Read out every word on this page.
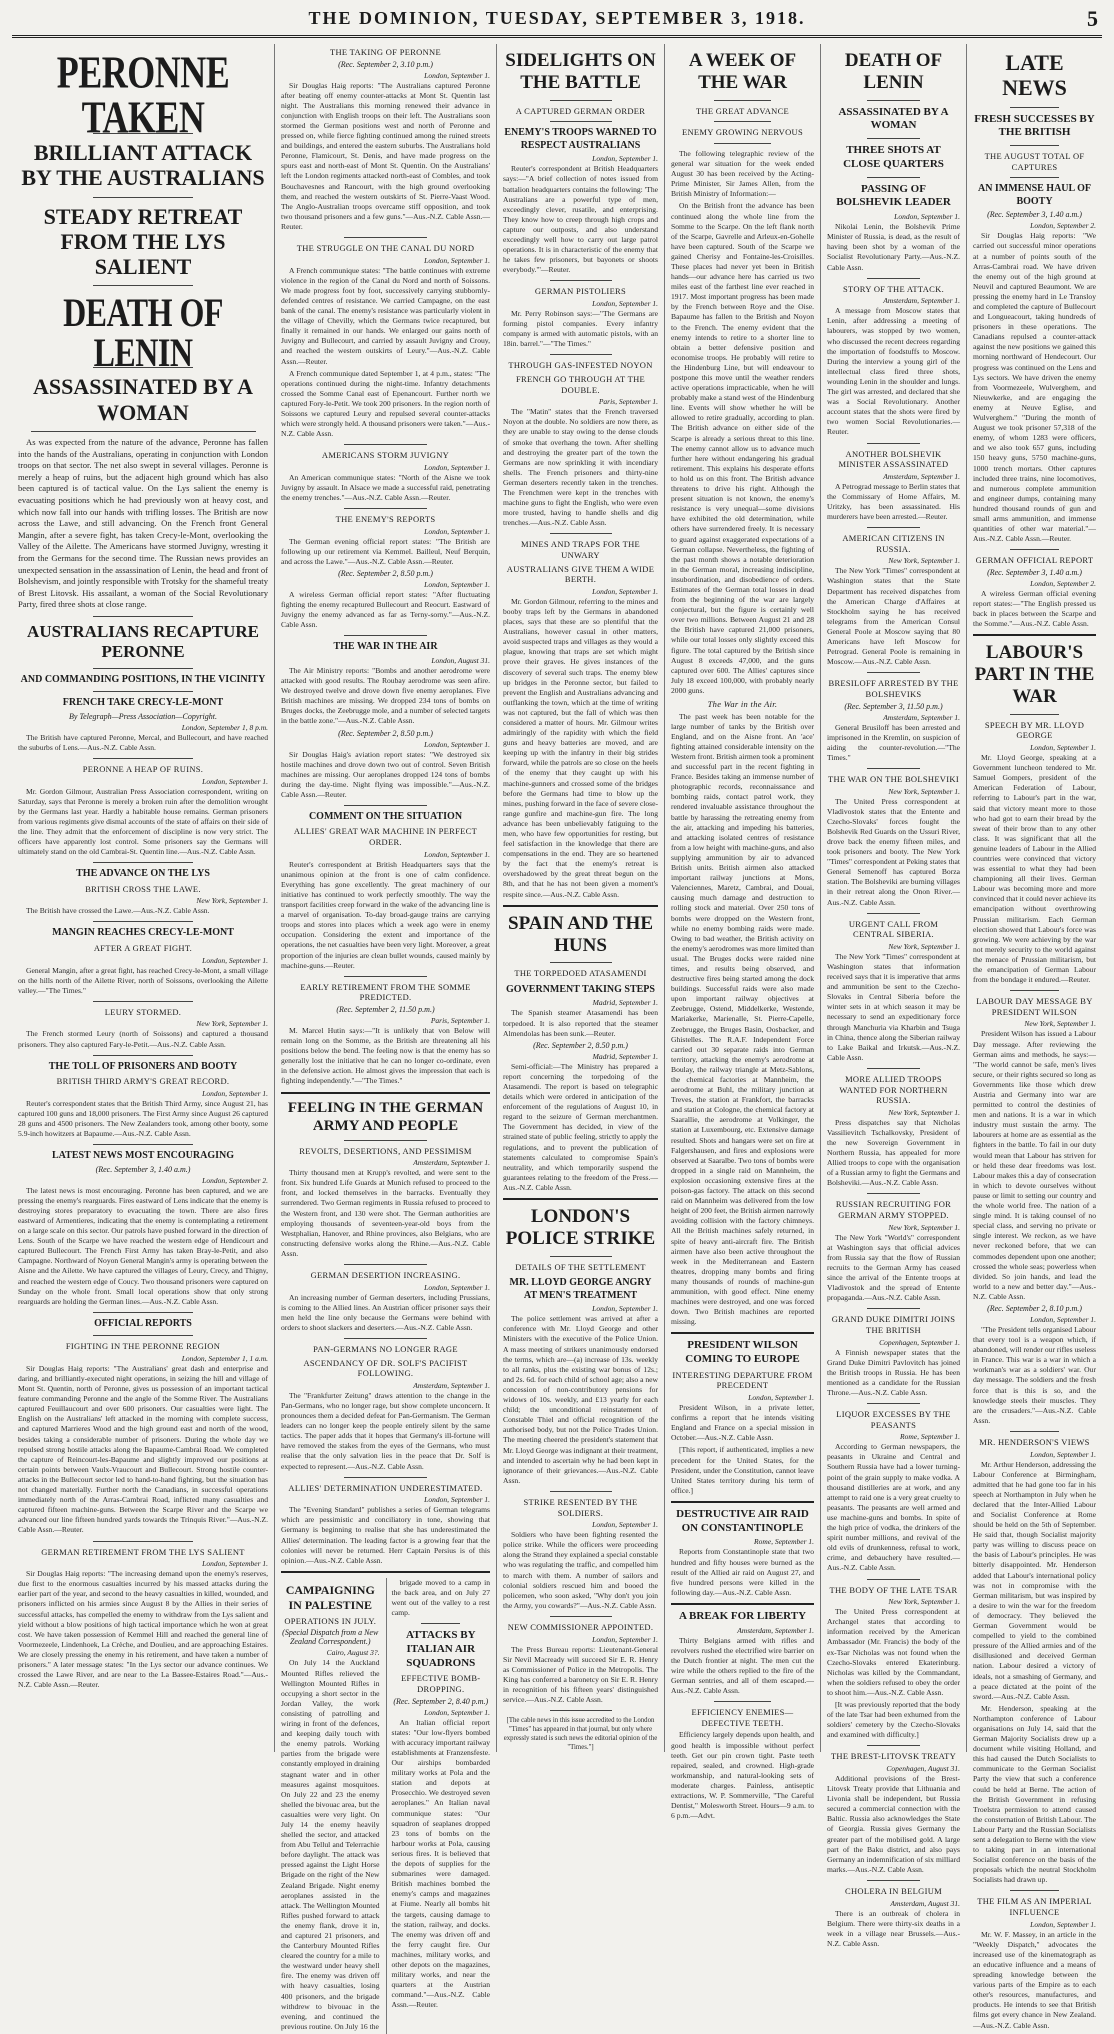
THE DOMINION, TUESDAY, SEPTEMBER 3, 1918.	5
PERONNE TAKEN
BRILLIANT ATTACK BY THE AUSTRALIANS
STEADY RETREAT FROM THE LYS SALIENT
DEATH OF LENIN
ASSASSINATED BY A WOMAN

As was expected from the nature of the advance, Peronne has fallen into the hands of the Australians, operating in conjunction with London troops on that sector. The net also swept in several villages. Peronne is merely a heap of ruins, but the adjacent high ground which has also been captured is of tactical value. On the Lys salient the enemy is evacuating positions which he had previously won at heavy cost, and which now fall into our hands with trifling losses. The British are now across the Lawe, and still advancing. On the French front General Mangin, after a severe fight, has taken Crecy-le-Mont, overlooking the Valley of the Ailette. The Americans have stormed Juvigny, wresting it from the Germans for the second time. The Russian news provides an unexpected sensation in the assassination of Lenin, the head and front of Bolshevism, and jointly responsible with Trotsky for the shameful treaty of Brest Litovsk. His assailant, a woman of the Social Revolutionary Party, fired three shots at close range.

AUSTRALIANS RECAPTURE PERONNE
AND COMMANDING POSITIONS, IN THE VICINITY
FRENCH TAKE CRECY-LE-MONT
By Telegraph—Press Association—Copyright.
London, September 1, 8 p.m.

The British have captured Peronne, Mercal, and Bullecourt, and have reached the suburbs of Lens.—Aus.-N.Z. Cable Assn.

PERONNE A HEAP OF RUINS.
London, September 1.

Mr. Gordon Gilmour, Australian Press Association correspondent, writing on Saturday, says that Peronne is merely a broken ruin after the demolition wrought by the Germans last year. Hardly a habitable house remains. German prisoners from various regiments give dismal accounts of the state of affairs on their side of the line. They admit that the enforcement of discipline is now very strict. The officers have apparently lost control. Some prisoners say the Germans will ultimately stand on the old Cambrai-St. Quentin line.—Aus.-N.Z. Cable Assn.

THE ADVANCE ON THE LYS
BRITISH CROSS THE LAWE.
New York, September 1.

The British have crossed the Lawe.—Aus.-N.Z. Cable Assn.

MANGIN REACHES CRECY-LE-MONT
AFTER A GREAT FIGHT.
London, September 1.

General Mangin, after a great fight, has reached Crecy-le-Mont, a small village on the hills north of the Ailette River, north of Soissons, overlooking the Ailette valley.—"The Times."

LEURY STORMED.
New York, September 1.

The French stormed Leury (north of Soissons) and captured a thousand prisoners. They also captured Fary-le-Petit.—Aus.-N.Z. Cable Assn.

THE TOLL OF PRISONERS AND BOOTY
BRITISH THIRD ARMY'S GREAT RECORD.
London, September 1.

Reuter's correspondent states that the British Third Army, since August 21, has captured 100 guns and 18,000 prisoners. The First Army since August 26 captured 28 guns and 4500 prisoners. The New Zealanders took, among other booty, some 5.9-inch howitzers at Bapaume.—Aus.-N.Z. Cable Assn.

LATEST NEWS MOST ENCOURAGING
(Rec. September 3, 1.40 a.m.)
London, September 2.

The latest news is most encouraging. Peronne has been captured, and we are pressing the enemy's rearguards. Fires eastward of Lens indicate that the enemy is destroying stores preparatory to evacuating the town. There are also fires eastward of Armentieres, indicating that the enemy is contemplating a retirement on a large scale on this sector. Our patrols have pushed forward in the direction of Lens. South of the Scarpe we have reached the western edge of Hendicourt and captured Bullecourt. The French First Army has taken Bray-le-Petit, and also Campagne. Northward of Noyon General Mangin's army is operating between the Aisne and the Ailette. We have captured the villages of Leury, Crecy, and Thigny, and reached the western edge of Coucy. Two thousand prisoners were captured on Sunday on the whole front. Small local operations show that only strong rearguards are holding the German lines.—Aus.-N.Z. Cable Assn.

OFFICIAL REPORTS
FIGHTING IN THE PERONNE REGION
London, September 1, 1 a.m.

Sir Douglas Haig reports: "The Australians' great dash and enterprise and daring, and brilliantly-executed night operations, in seizing the hill and village of Mont St. Quentin, north of Peronne, gives us possession of an important tactical feature commanding Peronne and the angle of the Somme River. The Australians captured Feuillaucourt and over 600 prisoners. Our casualties were light. The English on the Australians' left attacked in the morning with complete success, and captured Marrieres Wood and the high ground east and north of the wood, besides taking a considerable number of prisoners. During the whole day we repulsed strong hostile attacks along the Bapaume-Cambrai Road. We completed the capture of Reincourt-les-Bapaume and slightly improved our positions at certain points between Vaulx-Vraucourt and Bullecourt. Strong hostile counter-attacks in the Bullecourt sector led to hand-to-hand fighting, but the situation has not changed materially. Further north the Canadians, in successful operations immediately north of the Arras-Cambrai Road, inflicted many casualties and captured fifteen machine-guns. Between the Scarpe River and the Scarpe we advanced our line fifteen hundred yards towards the Trinquis River."—Aus.-N.Z. Cable Assn.—Reuter.

GERMAN RETIREMENT FROM THE LYS SALIENT
London, September 1.

Sir Douglas Haig reports: "The increasing demand upon the enemy's reserves, due first to the enormous casualties incurred by his massed attacks during the earlier part of the year, and second to the heavy casualties in killed, wounded, and prisoners inflicted on his armies since August 8 by the Allies in their series of successful attacks, has compelled the enemy to withdraw from the Lys salient and yield without a blow positions of high tactical importance which he won at great cost. We have taken possession of Kemmel Hill and reached the general line of Voormezeele, Lindenhoek, La Crèche, and Doulieu, and are approaching Estaires. We are closely pressing the enemy in his retirement, and have taken a number of prisoners." A later message states: "In the Lys sector our advance continues. We crossed the Lawe River, and are near to the La Bassee-Estaires Road."—Aus.-N.Z. Cable Assn.—Reuter.

THE TAKING OF PERONNE
(Rec. September 2, 3.10 p.m.)
London, September 1.

Sir Douglas Haig reports: "The Australians captured Peronne after beating off enemy counter-attacks at Mont St. Quentin last night. The Australians this morning renewed their advance in conjunction with English troops on their left. The Australians soon stormed the German positions west and north of Peronne and pressed on, while fierce fighting continued among the ruined streets and buildings, and entered the eastern suburbs. The Australians hold Peronne, Flamicourt, St. Denis, and have made progress on the spurs east and north-east of Mont St. Quentin. On the Australians' left the London regiments attacked north-east of Combles, and took Bouchavesnes and Rancourt, with the high ground overlooking them, and reached the western outskirts of St. Pierre-Vaast Wood. The Anglo-Australian troops overcame stiff opposition, and took two thousand prisoners and a few guns."—Aus.-N.Z. Cable Assn.—Reuter.

THE STRUGGLE ON THE CANAL DU NORD
London, September 1.

A French communique states: "The battle continues with extreme violence in the region of the Canal du Nord and north of Soissons. We made progress foot by foot, successively carrying stubbornly-defended centres of resistance. We carried Campagne, on the east bank of the canal. The enemy's resistance was particularly violent in the village of Chevilly, which the Germans twice recaptured, but finally it remained in our hands. We enlarged our gains north of Juvigny and Bullecourt, and carried by assault Juvigny and Crouy, and reached the western outskirts of Leury."—Aus.-N.Z. Cable Assn.—Reuter.

A French communique dated September 1, at 4 p.m., states: "The operations continued during the night-time. Infantry detachments crossed the Somme Canal east of Epenancourt. Further north we captured Fory-le-Petit. We took 200 prisoners. In the region north of Soissons we captured Leury and repulsed several counter-attacks which were strongly held. A thousand prisoners were taken."—Aus.-N.Z. Cable Assn.

AMERICANS STORM JUVIGNY
London, September 1.

An American communique states: "North of the Aisne we took Juvigny by assault. In Alsace we made a successful raid, penetrating the enemy trenches."—Aus.-N.Z. Cable Assn.—Reuter.

THE ENEMY'S REPORTS
London, September 1.

The German evening official report states: "The British are following up our retirement via Kemmel. Bailleul, Neuf Berquin, and across the Lawe."—Aus.-N.Z. Cable Assn.—Reuter.

(Rec. September 2, 8.50 p.m.)
London, September 1.

A wireless German official report states: "After fluctuating fighting the enemy recaptured Bullecourt and Reocurt. Eastward of Juvigny the enemy advanced as far as Terny-sorny."—Aus.-N.Z. Cable Assn.

THE WAR IN THE AIR
London, August 31.

The Air Ministry reports: "Bombs and another aerodrome were attacked with good results. The Roubay aerodrome was seen afire. We destroyed twelve and drove down five enemy aeroplanes. Five British machines are missing. We dropped 234 tons of bombs on Bruges docks, the Zeebrugge mole, and a number of selected targets in the battle zone."—Aus.-N.Z. Cable Assn.

(Rec. September 2, 8.50 p.m.)
London, September 1.

Sir Douglas Haig's aviation report states: "We destroyed six hostile machines and drove down two out of control. Seven British machines are missing. Our aeroplanes dropped 124 tons of bombs during the day-time. Night flying was impossible."—Aus.-N.Z. Cable Assn.—Reuter.

COMMENT ON THE SITUATION
ALLIES' GREAT WAR MACHINE IN PERFECT ORDER.
London, September 1.

Reuter's correspondent at British Headquarters says that the unanimous opinion at the front is one of calm confidence. Everything has gone excellently. The great machinery of our initiative has continued to work perfectly smoothly. The way the transport facilities creep forward in the wake of the advancing line is a marvel of organisation. To-day broad-gauge trains are carrying troops and stores into places which a week ago were in enemy occupation. Considering the extent and importance of the operations, the net casualties have been very light. Moreover, a great proportion of the injuries are clean bullet wounds, caused mainly by machine-guns.—Reuter.

EARLY RETIREMENT FROM THE SOMME PREDICTED.
(Rec. September 2, 11.50 p.m.)
Paris, September 1.

M. Marcel Hutin says:—"It is unlikely that von Below will remain long on the Somme, as the British are threatening all his positions below the bend. The feeling now is that the enemy has so generally lost the initiative that he can no longer co-ordinate, even in the defensive action. He almost gives the impression that each is fighting independently."—"The Times."

FEELING IN THE GERMAN ARMY AND PEOPLE
REVOLTS, DESERTIONS, AND PESSIMISM
Amsterdam, September 1.

Thirty thousand men at Krupp's revolted, and were sent to the front. Six hundred Life Guards at Munich refused to proceed to the front, and locked themselves in the barracks. Eventually they surrendered. Two German regiments in Russia refused to proceed to the Western front, and 130 were shot. The German authorities are employing thousands of seventeen-year-old boys from the Westphalian, Hanover, and Rhine provinces, also Belgians, who are constructing defensive works along the Rhine.—Aus.-N.Z. Cable Assn.

GERMAN DESERTION INCREASING.
London, September 1.

An increasing number of German deserters, including Prussians, is coming to the Allied lines. An Austrian officer prisoner says their men held the line only because the Germans were behind with orders to shoot slackers and deserters.—Aus.-N.Z. Cable Assn.

PAN-GERMANS NO LONGER RAGE
ASCENDANCY OF DR. SOLF'S PACIFIST FOLLOWING.
Amsterdam, September 1.

The "Frankfurter Zeitung" draws attention to the change in the Pan-Germans, who no longer rage, but show complete unconcern. It pronounces them a decided defeat for Pan-Germanism. The German leaders can no longer keep the people entirely silent by the same tactics. The paper adds that it hopes that Germany's ill-fortune will have removed the stakes from the eyes of the Germans, who must realise that the only salvation lies in the peace that Dr. Solf is expected to represent.—Aus.-N.Z. Cable Assn.

ALLIES' DETERMINATION UNDERESTIMATED.
London, September 1.

The "Evening Standard" publishes a series of German telegrams which are pessimistic and conciliatory in tone, showing that Germany is beginning to realise that she has underestimated the Allies' determination. The leading factor is a growing fear that the colonies will never be returned. Herr Captain Persius is of this opinion.—Aus.-N.Z. Cable Assn.

CAMPAIGNING IN PALESTINE
OPERATIONS IN JULY.
(Special Dispatch from a New Zealand Correspondent.)
Cairo, August 3?.

On July 14 the Auckland Mounted Rifles relieved the Wellington Mounted Rifles in occupying a short sector in the Jordan Valley, the work consisting of patrolling and wiring in front of the defences, and keeping daily touch with the enemy patrols. Working parties from the brigade were constantly employed in draining stagnant water and in other measures against mosquitoes. On July 22 and 23 the enemy shelled the bivouac area, but the casualties were very light. On July 14 the enemy heavily shelled the sector, and attacked from Abu Tellul and Telerrachie before daylight. The attack was pressed against the Light Horse Brigade on the right of the New Zealand Brigade. Night enemy aeroplanes assisted in the attack. The Wellington Mounted Rifles pushed forward to attack the enemy flank, drove it in, and captured 21 prisoners, and the Canterbury Mounted Rifles cleared the country for a mile to the westward under heavy shell fire. The enemy was driven off with heavy casualties, losing 400 prisoners, and the brigade withdrew to bivouac in the evening, and continued the previous routine. On July 16 the

brigade moved to a camp in the back area, and on July 27 went out of the valley to a rest camp.

ATTACKS BY ITALIAN AIR SQUADRONS
EFFECTIVE BOMB-DROPPING.
(Rec. September 2, 8.40 p.m.)
London, September 1.

An Italian official report states: "Our low-flyers bombed with accuracy important railway establishments at Franzensfeste. Our airships bombarded military works at Pola and the station and depots at Prosecchio. We destroyed seven aeroplanes." An Italian naval communique states: "Our squadron of seaplanes dropped 23 tons of bombs on the harbour works at Pola, causing serious fires. It is believed that the depots of supplies for the submarines were damaged. British machines bombed the enemy's camps and magazines at Fiume. Nearly all bombs hit the targets, causing damage to the station, railway, and docks. The enemy was driven off and the ferry caught fire. Our machines, military works, and other depots on the magazines, military works, and near the quarters at the Austrian command."—Aus.-N.Z. Cable Assn.—Reuter.

SIDELIGHTS ON THE BATTLE
A CAPTURED GERMAN ORDER
ENEMY'S TROOPS WARNED TO RESPECT AUSTRALIANS
London, September 1.

Reuter's correspondent at British Headquarters says:—"A brief collection of notes issued from battalion headquarters contains the following: 'The Australians are a powerful type of men, exceedingly clever, rusatile, and enterprising. They know how to creep through high crops and capture our outposts, and also understand exceedingly well how to carry out large patrol operations. It is in characteristic of the enemy that he takes few prisoners, but bayonets or shoots everybody.'"—Reuter.

GERMAN PISTOLIERS
London, September 1.

Mr. Perry Robinson says:—"The Germans are forming pistol companies. Every infantry company is armed with automatic pistols, with an 18in. barrel."—"The Times."

THROUGH GAS-INFESTED NOYON
FRENCH GO THROUGH AT THE DOUBLE.
Paris, September 1.

The "Matin" states that the French traversed Noyon at the double. No soldiers are now there, as they are unable to stay owing to the dense clouds of smoke that overhang the town. After shelling and destroying the greater part of the town the Germans are now sprinkling it with incendiary shells. The French prisoners and thirty-nine German deserters recently taken in the trenches. The Frenchmen were kept in the trenches with machine guns to fight the English, who were even more trusted, having to handle shells and dig trenches.—Aus.-N.Z. Cable Assn.

MINES AND TRAPS FOR THE UNWARY
AUSTRALIANS GIVE THEM A WIDE BERTH.
London, September 1.

Mr. Gordon Gilmour, referring to the mines and booby traps left by the Germans in abandoned places, says that these are so plentiful that the Australians, however casual in other matters, avoid suspected traps and villages as they would a plague, knowing that traps are set which might prove their graves. He gives instances of the discovery of several such traps. The enemy blew up bridges in the Peronne sector, but failed to prevent the English and Australians advancing and outflanking the town, which at the time of writing was not captured, but the fall of which was then considered a matter of hours. Mr. Gilmour writes admiringly of the rapidity with which the field guns and heavy batteries are moved, and are keeping up with the infantry in their big strides forward, while the patrols are so close on the heels of the enemy that they caught up with his machine-gunners and crossed some of the bridges before the Germans had time to blow up the mines, pushing forward in the face of severe close-range gunfire and machine-gun fire. The long advance has been unbelievably fatiguing to the men, who have few opportunities for resting, but feel satisfaction in the knowledge that there are compensations in the end. They are so heartened by the fact that the enemy's retreat is overshadowed by the great threat begun on the 8th, and that he has not been given a moment's respite since.—Aus.-N.Z. Cable Assn.

SPAIN AND THE HUNS
THE TORPEDOED ATASAMENDI
GOVERNMENT TAKING STEPS
Madrid, September 1.

The Spanish steamer Atasamendi has been torpedoed. It is also reported that the steamer Almendolas has been sunk.—Reuter.

(Rec. September 2, 8.50 p.m.)
Madrid, September 1.

Semi-official:—The Ministry has prepared a report concerning the torpedoing of the Atasamendi. The report is based on telegraphic details which were ordered in anticipation of the enforcement of the regulations of August 10, in regard to the seizure of German merchantmen. The Government has decided, in view of the strained state of public feeling, strictly to apply the regulations, and to prevent the publication of statements calculated to compromise Spain's neutrality, and which temporarily suspend the guarantees relating to the freedom of the Press.—Aus.-N.Z. Cable Assn.

LONDON'S POLICE STRIKE
DETAILS OF THE SETTLEMENT
MR. LLOYD GEORGE ANGRY AT MEN'S TREATMENT
London, September 1.

The police settlement was arrived at after a conference with Mr. Lloyd George and other Ministers with the executive of the Police Union. A mass meeting of strikers unanimously endorsed the terms, which are—(a) increase of 13s. weekly to all ranks, plus the existing war bonus of 12s.; and 2s. 6d. for each child of school age; also a new concession of non-contributory pensions for widows of 10s. weekly, and £13 yearly for each child; the unconditional reinstatement of Constable Thiel and official recognition of the authorised body, but not the Police Trades Union. The meeting cheered the president's statement that Mr. Lloyd George was indignant at their treatment, and intended to ascertain why he had been kept in ignorance of their grievances.—Aus.-N.Z. Cable Assn.

STRIKE RESENTED BY THE SOLDIERS.
London, September 1.

Soldiers who have been fighting resented the police strike. While the officers were proceeding along the Strand they explained a special constable who was regulating the traffic, and compelled him to march with them. A number of sailors and colonial soldiers rescued him and booed the policemen, who soon asked, "Why don't you join the Army, you cowards?"—Aus.-N.Z. Cable Assn.

NEW COMMISSIONER APPOINTED.
London, September 1.

The Press Bureau reports: Lieutenant-General Sir Nevil Macready will succeed Sir E. R. Henry as Commissioner of Police in the Metropolis. The King has conferred a baronetcy on Sir E. R. Henry in recognition of his fifteen years' distinguished service.—Aus.-N.Z. Cable Assn.

[The cable news in this issue accredited to the London "Times" has appeared in that journal, but only where expressly stated is such news the editorial opinion of the "Times."]

A WEEK OF THE WAR
THE GREAT ADVANCE
ENEMY GROWING NERVOUS

The following telegraphic review of the general war situation for the week ended August 30 has been received by the Acting-Prime Minister, Sir James Allen, from the British Ministry of Information:—

On the British front the advance has been continued along the whole line from the Somme to the Scarpe. On the left flank north of the Scarpe, Gavrelle and Arleux-en-Gohelle have been captured. South of the Scarpe we gained Cherisy and Fontaine-les-Croisilles. These places had never yet been in British hands—our advance here has carried us two miles east of the farthest line ever reached in 1917. Most important progress has been made by the French between Roye and the Oise. Bapaume has fallen to the British and Noyon to the French. The enemy evident that the enemy intends to retire to a shorter line to obtain a better defensive position and economise troops. He probably will retire to the Hindenburg Line, but will endeavour to postpone this move until the weather renders active operations impracticable, when he will probably make a stand west of the Hindenburg line. Events will show whether he will be allowed to retire gradually, according to plan. The British advance on either side of the Scarpe is already a serious threat to this line. The enemy cannot allow us to advance much further here without endangering his gradual retirement. This explains his desperate efforts to hold us on this front. The British advance threatens to drive his right. Although the present situation is not known, the enemy's resistance is very unequal—some divisions have exhibited the old determination, while others have surrendered freely. It is necessary to guard against exaggerated expectations of a German collapse. Nevertheless, the fighting of the past month shows a notable deterioration in the German moral, increasing indiscipline, insubordination, and disobedience of orders. Estimates of the German total losses in dead from the beginning of the war are largely conjectural, but the figure is certainly well over two millions. Between August 21 and 28 the British have captured 21,000 prisoners, while our total losses only slightly exceed this figure. The total captured by the British since August 8 exceeds 47,000, and the guns captured over 600. The Allies' captures since July 18 exceed 100,000, with probably nearly 2000 guns.

The War in the Air.

The past week has been notable for the large number of tanks by the British over England, and on the Aisne front. An 'ace' fighting attained considerable intensity on the Western front. British airmen took a prominent and successful part in the recent fighting in France. Besides taking an immense number of photographic records, reconnaissance and bombing raids, contact patrol work, they rendered invaluable assistance throughout the battle by harassing the retreating enemy from the air, attacking and impeding his batteries, and attacking isolated centres of resistance from a low height with machine-guns, and also supplying ammunition by air to advanced British units. British airmen also attacked important railway junctions at Mons, Valenciennes, Maretz, Cambrai, and Douai, causing much damage and destruction to rolling stock and material. Over 250 tons of bombs were dropped on the Western front, while no enemy bombing raids were made. Owing to bad weather, the British activity on the enemy's aerodromes was more limited than usual. The Bruges docks were raided nine times, and results being observed, and destructive fires being started among the dock buildings. Successful raids were also made upon important railway objectives at Zeebrugge, Ostend, Middelkerke, Westende, Mariakerke, Marienalle, St. Pierre-Capelle, Zeebrugge, the Bruges Basin, Oosbacker, and Ghistelles. The R.A.F. Independent Force carried out 30 separate raids into German territory, attacking the enemy's aerodrome at Boulay, the railway triangle at Metz-Sablons, the chemical factories at Mannheim, the aerodrome at Buhl, the military junction at Treves, the station at Frankfort, the barracks and station at Cologne, the chemical factory at Saarallie, the aerodrome at Volkinger, the station at Luxembourg, etc. Extensive damage resulted. Shots and hangars were set on fire at Falgershausen, and fires and explosions were observed at Saaralbe. Two tons of bombs were dropped in a single raid on Mannheim, the explosion occasioning extensive fires at the poison-gas factory. The attack on this second raid on Mannheim was delivered from the low height of 200 feet, the British airmen narrowly avoiding collision with the factory chimneys. All the British machines safely returned, in spite of heavy anti-aircraft fire. The British airmen have also been active throughout the week in the Mediterranean and Eastern theatres, dropping many bombs and firing many thousands of rounds of machine-gun ammunition, with good effect. Nine enemy machines were destroyed, and one was forced down. Two British machines are reported missing.

PRESIDENT WILSON COMING TO EUROPE
INTERESTING DEPARTURE FROM PRECEDENT
London, September 1.

President Wilson, in a private letter, confirms a report that he intends visiting England and France on a special mission in October.—Aus.-N.Z. Cable Assn.

[This report, if authenticated, implies a new precedent for the United States, for the President, under the Constitution, cannot leave United States territory during his term of office.]

DESTRUCTIVE AIR RAID ON CONSTANTINOPLE
Rome, September 1.

Reports from Constantinople state that two hundred and fifty houses were burned as the result of the Allied air raid on August 27, and five hundred persons were killed in the following day.—Aus.-N.Z. Cable Assn.

A BREAK FOR LIBERTY
Amsterdam, September 1.

Thirty Belgians armed with rifles and revolvers rushed the electrified wire barrier on the Dutch frontier at night. The men cut the wire while the others replied to the fire of the German sentries, and all of them escaped.—Aus.-N.Z. Cable Assn.

EFFICIENCY ENEMIES—DEFECTIVE TEETH.

Efficiency largely depends upon health, and good health is impossible without perfect teeth. Get our pin crown tight. Paste teeth repaired, sealed, and crowned. High-grade workmanship, and natural-looking sets of moderate charges. Painless, antiseptic extractions, W. P. Sommerville, "The Careful Dentist," Molesworth Street. Hours—9 a.m. to 6 p.m.—Advt.

DEATH OF LENIN
ASSASSINATED BY A WOMAN
THREE SHOTS AT CLOSE QUARTERS
PASSING OF BOLSHEVIK LEADER
London, September 1.

Nikolai Lenin, the Bolshevik Prime Minister of Russia, is dead, as the result of having been shot by a woman of the Socialist Revolutionary Party.—Aus.-N.Z. Cable Assn.

STORY OF THE ATTACK.
Amsterdam, September 1.

A message from Moscow states that Lenin, after addressing a meeting of labourers, was stopped by two women, who discussed the recent decrees regarding the importation of foodstuffs to Moscow. During the interview a young girl of the intellectual class fired three shots, wounding Lenin in the shoulder and lungs. The girl was arrested, and declared that she was a Social Revolutionary. Another account states that the shots were fired by two women Social Revolutionaries.—Reuter.

ANOTHER BOLSHEVIK MINISTER ASSASSINATED
Amsterdam, September 1.

A Petrograd message to Berlin states that the Commissary of Home Affairs, M. Uritzky, has been assassinated. His murderers have been arrested.—Reuter.

AMERICAN CITIZENS IN RUSSIA.
New York, September 1.

The New York "Times" correspondent at Washington states that the State Department has received dispatches from the American Charge d'Affaires at Stockholm saying he has received telegrams from the American Consul General Poole at Moscow saying that 80 Americans have left Moscow for Petrograd. General Poole is remaining in Moscow.—Aus.-N.Z. Cable Assn.

BRESILOFF ARRESTED BY THE BOLSHEVIKS
(Rec. September 3, 11.50 p.m.)
Amsterdam, September 1.

General Brusiloff has been arrested and imprisoned in the Kremlin, on suspicion of aiding the counter-revolution.—"The Times."

THE WAR ON THE BOLSHEVIKI
New York, September 1.

The United Press correspondent at Vladivostok states that the Entente and Czecho-Slovaks' forces fought the Bolshevik Red Guards on the Ussuri River, drove back the enemy fifteen miles, and took prisoners and booty. The New York "Times" correspondent at Peking states that General Semenoff has captured Borza station. The Bolsheviki are burning villages in their retreat along the Onon River.—Aus.-N.Z. Cable Assn.

URGENT CALL FROM CENTRAL SIBERIA.
New York, September 1.

The New York "Times" correspondent at Washington states that information received says that it is imperative that arms and ammunition be sent to the Czecho-Slovaks in Central Siberia before the winter sets in at which season it may be necessary to send an expeditionary force through Manchuria via Kharbin and Tsuga in China, thence along the Siberian railway to Lake Baikal and Irkutsk.—Aus.-N.Z. Cable Assn.

MORE ALLIED TROOPS WANTED FOR NORTHERN RUSSIA.
New York, September 1.

Press dispatches say that Nicholas Vassilievitch Tschalkovsky, President of the new Sovereign Government in Northern Russia, has appealed for more Allied troops to cope with the organisation of a Russian army to fight the Germans and Bolsheviki.—Aus.-N.Z. Cable Assn.

RUSSIAN RECRUITING FOR GERMAN ARMY STOPPED.
New York, September 1.

The New York "World's" correspondent at Washington says that official advices from Russia say that the flow of Russian recruits to the German Army has ceased since the arrival of the Entente troops at Vladivostok and the spread of Entente propaganda.—Aus.-N.Z. Cable Assn.

GRAND DUKE DIMITRI JOINS THE BRITISH
Copenhagen, September 1.

A Finnish newspaper states that the Grand Duke Dimitri Pavlovitch has joined the British troops in Russia. He has been mentioned as a candidate for the Russian Throne.—Aus.-N.Z. Cable Assn.

LIQUOR EXCESSES BY THE PEASANTS
Rome, September 1.

According to German newspapers, the peasants in Ukraine and Central and Southern Russia have had a lower turning-point of the grain supply to make vodka. A thousand distilleries are at work, and any attempt to raid one is a very great cruelty to peasants. The peasants are well armed and use machine-guns and bombs. In spite of the high price of vodka, the drinkers of the spirit number millions, and revival of the old evils of drunkenness, refusal to work, crime, and debauchery have resulted.—Aus.-N.Z. Cable Assn.

THE BODY OF THE LATE TSAR
New York, September 1.

The United Press correspondent at Archangel states that according to information received by the American Ambassador (Mr. Francis) the body of the ex-Tsar Nicholas was not found when the Czecho-Slovaks entered Ekaterinburg. Nicholas was killed by the Commandant, when the soldiers refused to obey the order to shoot him.—Aus.-N.Z. Cable Assn.

[It was previously reported that the body of the late Tsar had been exhumed from the soldiers' cemetery by the Czecho-Slovaks and examined with difficulty.]

THE BREST-LITOVSK TREATY
Copenhagen, August 31.

Additional provisions of the Brest-Litovsk Treaty provide that Lithuania and Livonia shall be independent, but Russia secured a commercial connection with the Baltic. Russia also acknowledges the State of Georgia. Russia gives Germany the greater part of the mobilised gold. A large part of the Baku district, and also pays Germany an indemnification of six milliard marks.—Aus.-N.Z. Cable Assn.

CHOLERA IN BELGIUM
Amsterdam, August 31.

There is an outbreak of cholera in Belgium. There were thirty-six deaths in a week in a village near Brussels.—Aus.-N.Z. Cable Assn.

LATE NEWS
FRESH SUCCESSES BY THE BRITISH
THE AUGUST TOTAL OF CAPTURES
AN IMMENSE HAUL OF BOOTY
(Rec. September 3, 1.40 a.m.)
London, September 2.

Sir Douglas Haig reports: "We carried out successful minor operations at a number of points south of the Arras-Cambrai road. We have driven the enemy out of the high ground at Neuvil and captured Beaumont. We are pressing the enemy hard in Le Transloy and completed the capture of Bullecourt and Longueacourt, taking hundreds of prisoners in these operations. The Canadians repulsed a counter-attack against the new positions we gained this morning northward of Hendecourt. Our progress was continued on the Lens and Lys sectors. We have driven the enemy from Voormezeele, Wulverghem, and Nieuwkerke, and are engaging the enemy at Neuve Eglise, and Wulverghem." "During the month of August we took prisoner 57,318 of the enemy, of whom 1283 were officers, and we also took 657 guns, including 150 heavy guns, 5750 machine-guns, 1000 trench mortars. Other captures included three trains, nine locomotives, and numerous complete ammunition and engineer dumps, containing many hundred thousand rounds of gun and small arms ammunition, and immense quantities of other war material."—Aus.-N.Z. Cable Assn.—Reuter.

GERMAN OFFICIAL REPORT
(Rec. September 3, 1.40 a.m.)
London, September 2.

A wireless German official evening report states:—"The English pressed us back in places between the Scarpe and the Somme."—Aus.-N.Z. Cable Assn.

LABOUR'S PART IN THE WAR
SPEECH BY MR. LLOYD GEORGE
London, September 1.

Mr. Lloyd George, speaking at a Government luncheon tendered to Mr. Samuel Gompers, president of the American Federation of Labour, referring to Labour's part in the war, said that victory meant more to those who had got to earn their bread by the sweat of their brow than to any other class. It was significant that all the genuine leaders of Labour in the Allied countries were convinced that victory was essential to what they had been championing all their lives. German Labour was becoming more and more convinced that it could never achieve its emancipation without overthrowing Prussian militarism. Each German election showed that Labour's force was growing. We were achieving by the war not merely security to the world against the menace of Prussian militarism, but the emancipation of German Labour from the bondage it endured.—Reuter.

LABOUR DAY MESSAGE BY PRESIDENT WILSON
New York, September 1.

President Wilson has issued a Labour Day message. After reviewing the German aims and methods, he says:— "The world cannot be safe, men's lives secure, or their rights secured so long as Governments like those which drew Austria and Germany into war are permitted to control the destinies of men and nations. It is a war in which industry must sustain the army. The labourers at home are as essential as the fighters in the battle. To fail in our duty would mean that Labour has striven for or held these dear freedoms was lost. Labour makes this a day of consecration in which to devote ourselves without pause or limit to setting our country and the whole world free. The nation of a single mind. It is taking counsel of no special class, and serving no private or single interest. We reckon, as we have never reckoned before, that we can commodes dependent upon one another; crossed the whole seas; powerless when divided. So join hands, and lead the world to a new and better day."—Aus.-N.Z. Cable Assn.

(Rec. September 2, 8.10 p.m.)
London, September 1.

"The President tells organised Labour that every tool is a weapon which, if abandoned, will render our rifles useless in France. This war is a war in which a workman's war as a soldiers' war. Our day message. The soldiers and the fresh force that is this is so, and the knowledge steels their muscles. They are the crusaders."—Aus.-N.Z. Cable Assn.

MR. HENDERSON'S VIEWS
London, September 1.

Mr. Arthur Henderson, addressing the Labour Conference at Birmingham, admitted that he had gone too far in his speech at Northampton in July when he declared that the Inter-Allied Labour and Socialist Conference at Rome should be held on the 5th of September. He said that, though Socialist majority party was willing to discuss peace on the basis of Labour's principles. He was bitterly disappointed. Mr. Henderson added that Labour's international policy was not in compromise with the German militarism, but was inspired by a desire to win the war for the freedom of democracy. They believed the German Government would be compelled to yield to the combined pressure of the Allied armies and of the disillusioned and deceived German nation. Labour desired a victory of ideals, not a smashing of Germany, and a peace dictated at the point of the sword.—Aus.-N.Z. Cable Assn.

Mr. Henderson, speaking at the Northampton conference of Labour organisations on July 14, said that the German Majority Socialists drew up a document while visiting Holland, and this had caused the Dutch Socialists to communicate to the German Socialist Party the view that such a conference could be held at Berne. The action of the British Government in refusing Troelstra permission to attend caused the consternation of British Labour. The Labour Party and the Russian Socialists sent a delegation to Berne with the view to taking part in an international Socialist conference on the basis of the proposals which the neutral Stockholm Socialists had drawn up.

THE FILM AS AN IMPERIAL INFLUENCE
London, September 1.

Mr. W. F. Massey, in an article in the "Weekly Dispatch," advocates the increased use of the kinematograph as an educative influence and a means of spreading knowledge between the various parts of the Empire as to each other's resources, manufactures, and products. He intends to see that British films get every chance in New Zealand.—Aus.-N.Z. Cable Assn.
